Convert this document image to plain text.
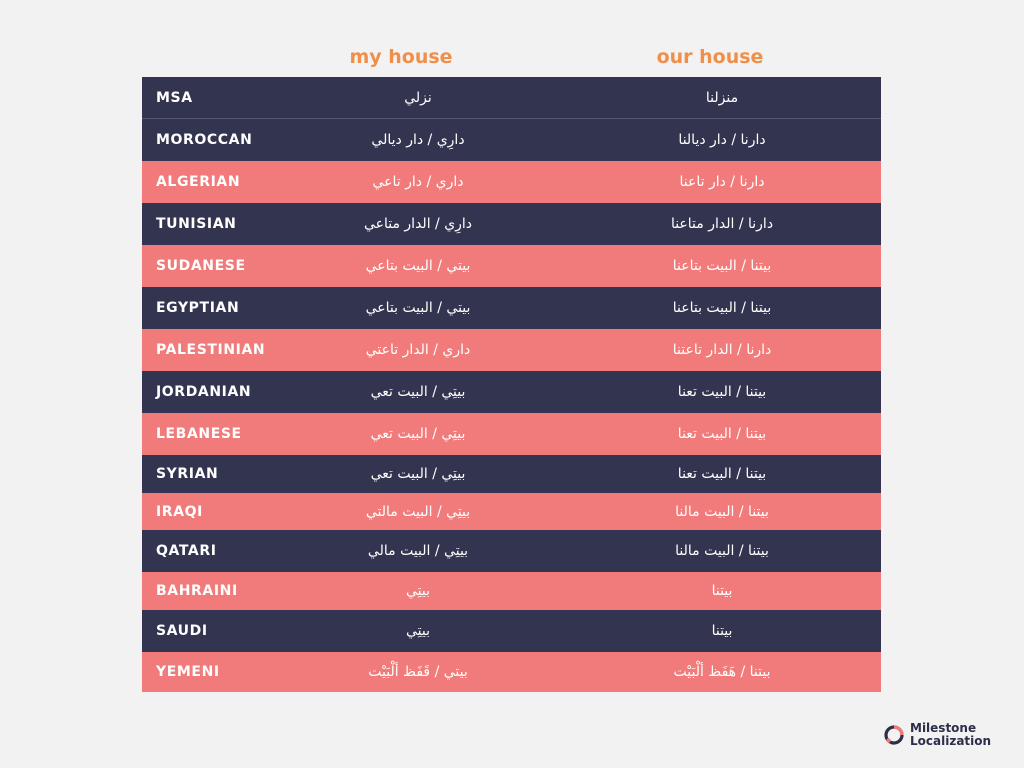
my house	our house
MSA	نزلي	منزلنا
MOROCCAN	دارِي / دار ديالي	دارنا / دار ديالنا
ALGERIAN	داري / دار تاعي	دارنا / دار تاعنا
TUNISIAN	دارِي / الدار متاعي	دارنا / الدار متاعنا
SUDANESE	بيتي / البيت بتاعي	بيتنا / البيت بتاعنا
EGYPTIAN	بيتي / البيت بتاعي	بيتنا / البيت بتاعنا
PALESTINIAN	داري / الدار تاعتي	دارنا / الدار تاعتنا
JORDANIAN	بيتِي / البيت تعي	بيتنا / البيت تعنا
LEBANESE	بيتِي / البيت تعي	بيتنا / البيت تعنا
SYRIAN	بيتِي / البيت تعي	بيتنا / البيت تعنا
IRAQI	بيتِي / البيت مالتي	بيتنا / البيت مالنا
QATARI	بيتِي / البيت مالي	بيتنا / البيت مالنا
BAHRAINI	بيتِي	بيتنا
SAUDI	بيتِي	بيتنا
YEMENI	بيتي / قَفَظ ألْبَيْت	بيتنا / هَفَظ ألْبَيْت
Milestone
Localization
